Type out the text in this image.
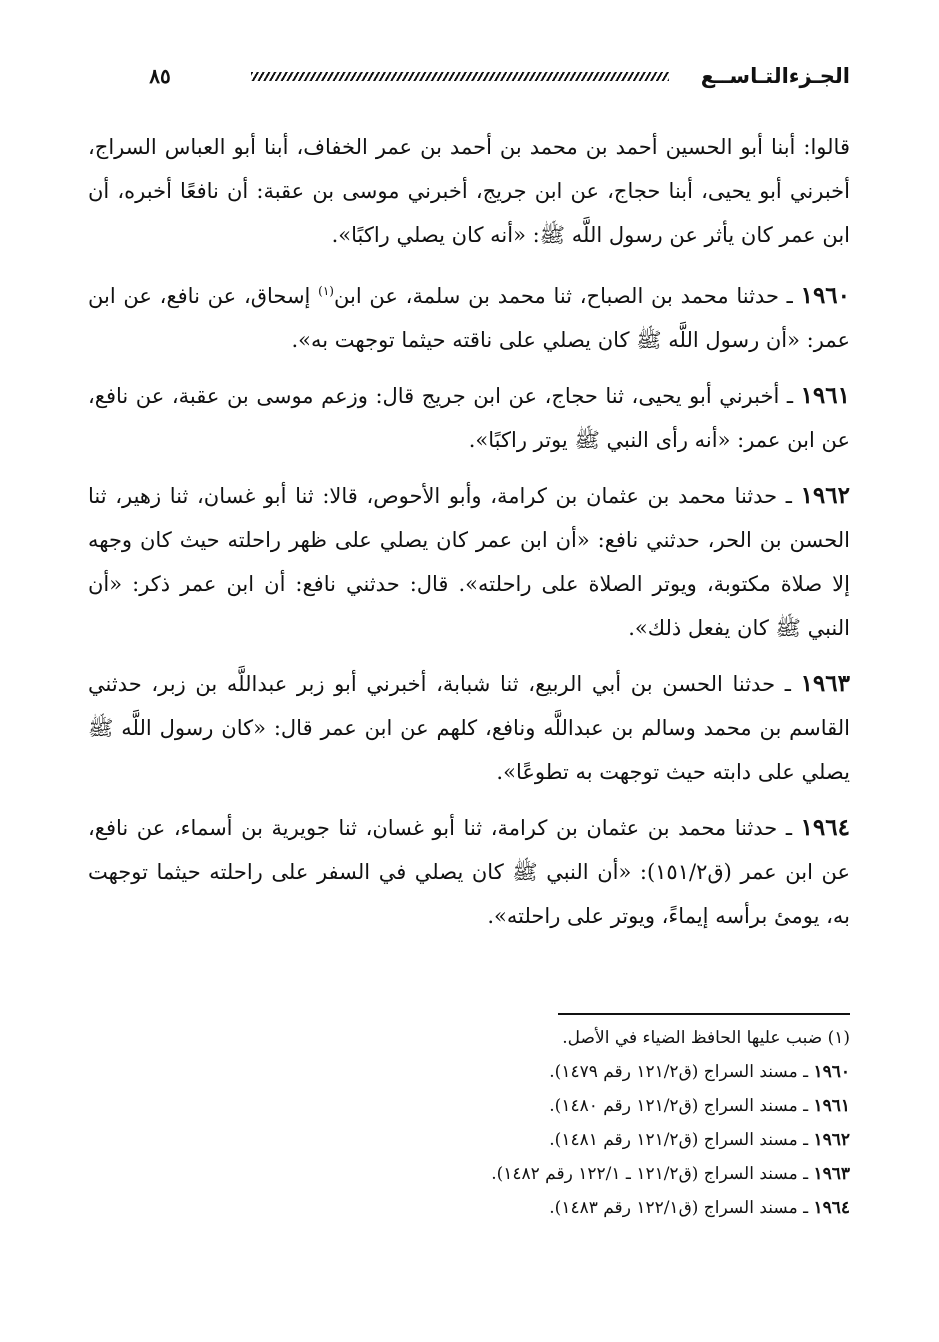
الجـزءالتـاســع
٨٥

قالوا: أبنا أبو الحسين أحمد بن محمد بن أحمد بن عمر الخفاف، أبنا أبو العباس السراج، أخبرني أبو يحيى، أبنا حجاج، عن ابن جريج، أخبرني موسى بن عقبة: أن نافعًا أخبره، أن ابن عمر كان يأثر عن رسول اللَّه ﷺ: «أنه كان يصلي راكبًا».

١٩٦٠ ـ حدثنا محمد بن الصباح، ثنا محمد بن سلمة، عن ابن$^{(١)}$ إسحاق، عن نافع، عن ابن عمر: «أن رسول اللَّه ﷺ كان يصلي على ناقته حيثما توجهت به».

١٩٦١ ـ أخبرني أبو يحيى، ثنا حجاج، عن ابن جريج قال: وزعم موسى بن عقبة، عن نافع، عن ابن عمر: «أنه رأى النبي ﷺ يوتر راكبًا».

١٩٦٢ ـ حدثنا محمد بن عثمان بن كرامة، وأبو الأحوص، قالا: ثنا أبو غسان، ثنا زهير، ثنا الحسن بن الحر، حدثني نافع: «أن ابن عمر كان يصلي على ظهر راحلته حيث كان وجهه إلا صلاة مكتوبة، ويوتر الصلاة على راحلته». قال: حدثني نافع: أن ابن عمر ذكر: «أن النبي ﷺ كان يفعل ذلك».

١٩٦٣ ـ حدثنا الحسن بن أبي الربيع، ثنا شبابة، أخبرني أبو زبر عبداللَّه بن زبر، حدثني القاسم بن محمد وسالم بن عبداللَّه ونافع، كلهم عن ابن عمر قال: «كان رسول اللَّه ﷺ يصلي على دابته حيث توجهت به تطوعًا».

١٩٦٤ ـ حدثنا محمد بن عثمان بن كرامة، ثنا أبو غسان، ثنا جويرية بن أسماء، عن نافع، عن ابن عمر (ق١٥١/٢): «أن النبي ﷺ كان يصلي في السفر على راحلته حيثما توجهت به، يومئ برأسه إيماءً، ويوتر على راحلته».

(١) ضبب عليها الحافظ الضياء في الأصل.
١٩٦٠ ـ مسند السراج (ق١٢١/٢ رقم ١٤٧٩).
١٩٦١ ـ مسند السراج (ق١٢١/٢ رقم ١٤٨٠).
١٩٦٢ ـ مسند السراج (ق١٢١/٢ رقم ١٤٨١).
١٩٦٣ ـ مسند السراج (ق١٢١/٢ ـ ١٢٢/١ رقم ١٤٨٢).
١٩٦٤ ـ مسند السراج (ق١٢٢/١ رقم ١٤٨٣).
